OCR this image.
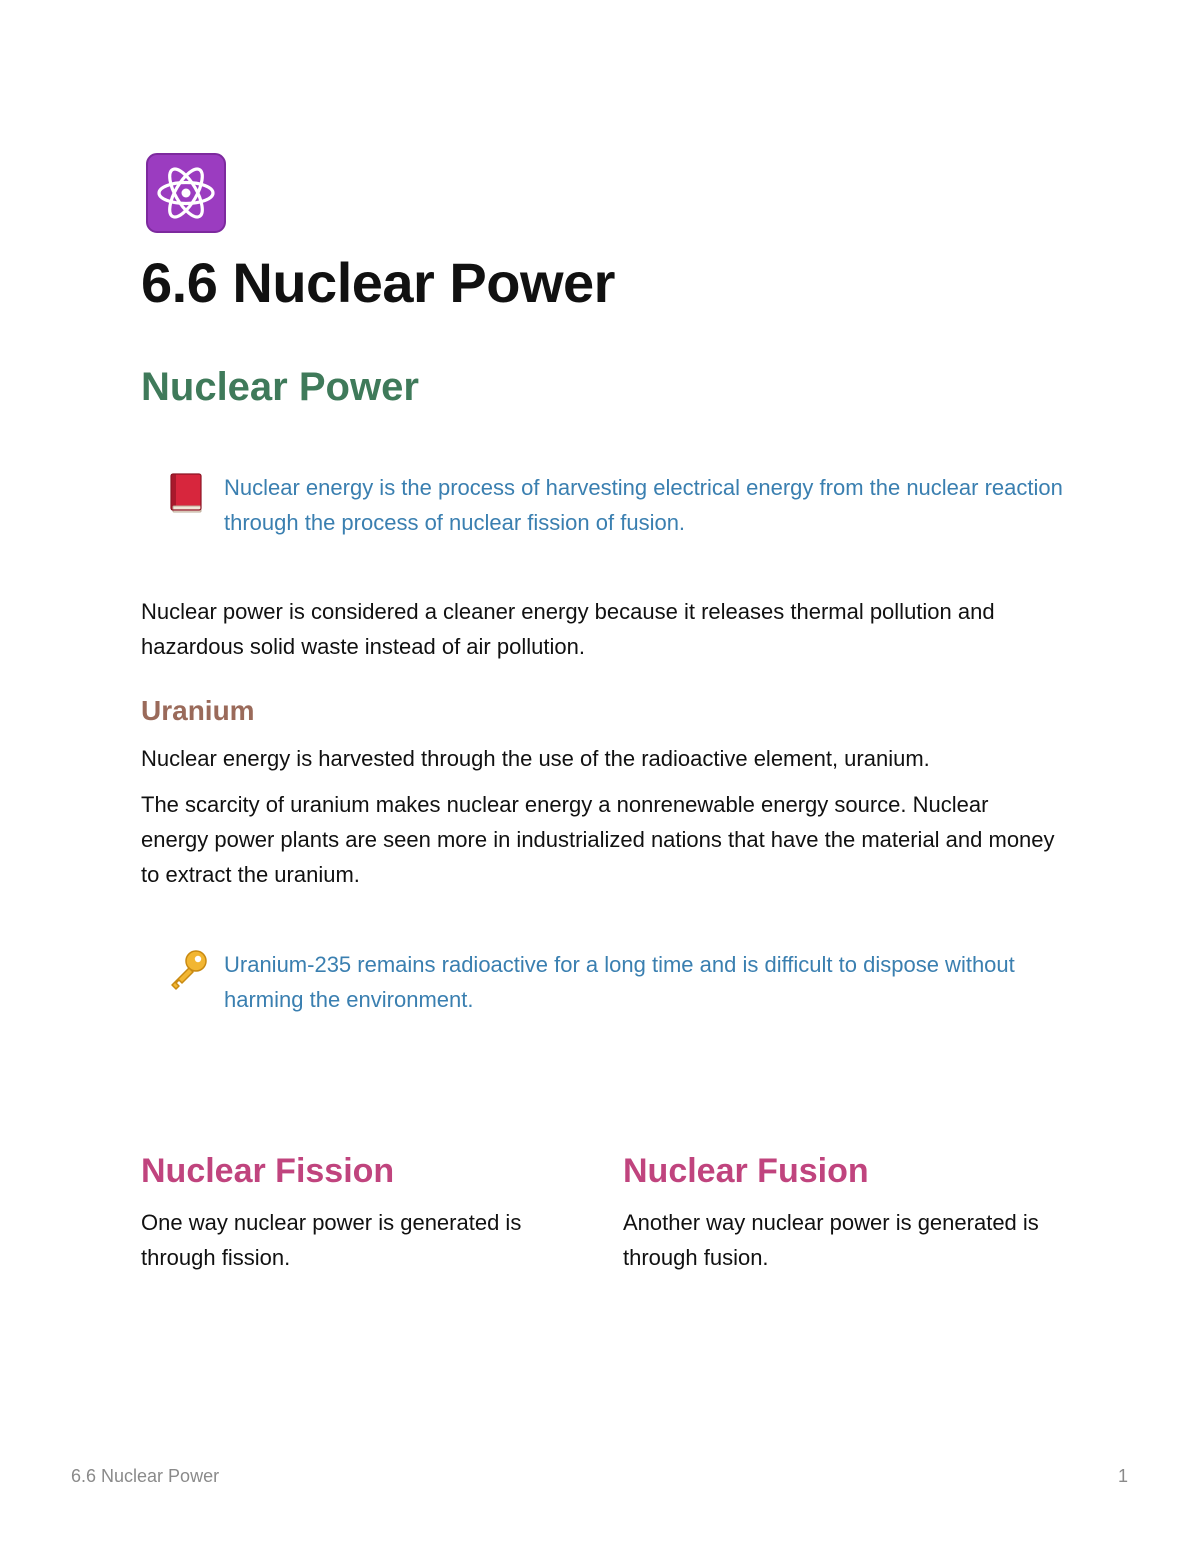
6.6 Nuclear Power
Nuclear Power
Nuclear energy is the process of harvesting electrical energy from the nuclear reaction through the process of nuclear fission of fusion.

Nuclear power is considered a cleaner energy because it releases thermal pollution and hazardous solid waste instead of air pollution.

Uranium

Nuclear energy is harvested through the use of the radioactive element, uranium.

The scarcity of uranium makes nuclear energy a nonrenewable energy source. Nuclear energy power plants are seen more in industrialized nations that have the material and money to extract the uranium.

Uranium-235 remains radioactive for a long time and is difficult to dispose without harming the environment.
Nuclear Fission

One way nuclear power is generated is through fission.

Nuclear Fusion

Another way nuclear power is generated is through fusion.

6.6 Nuclear Power	1
